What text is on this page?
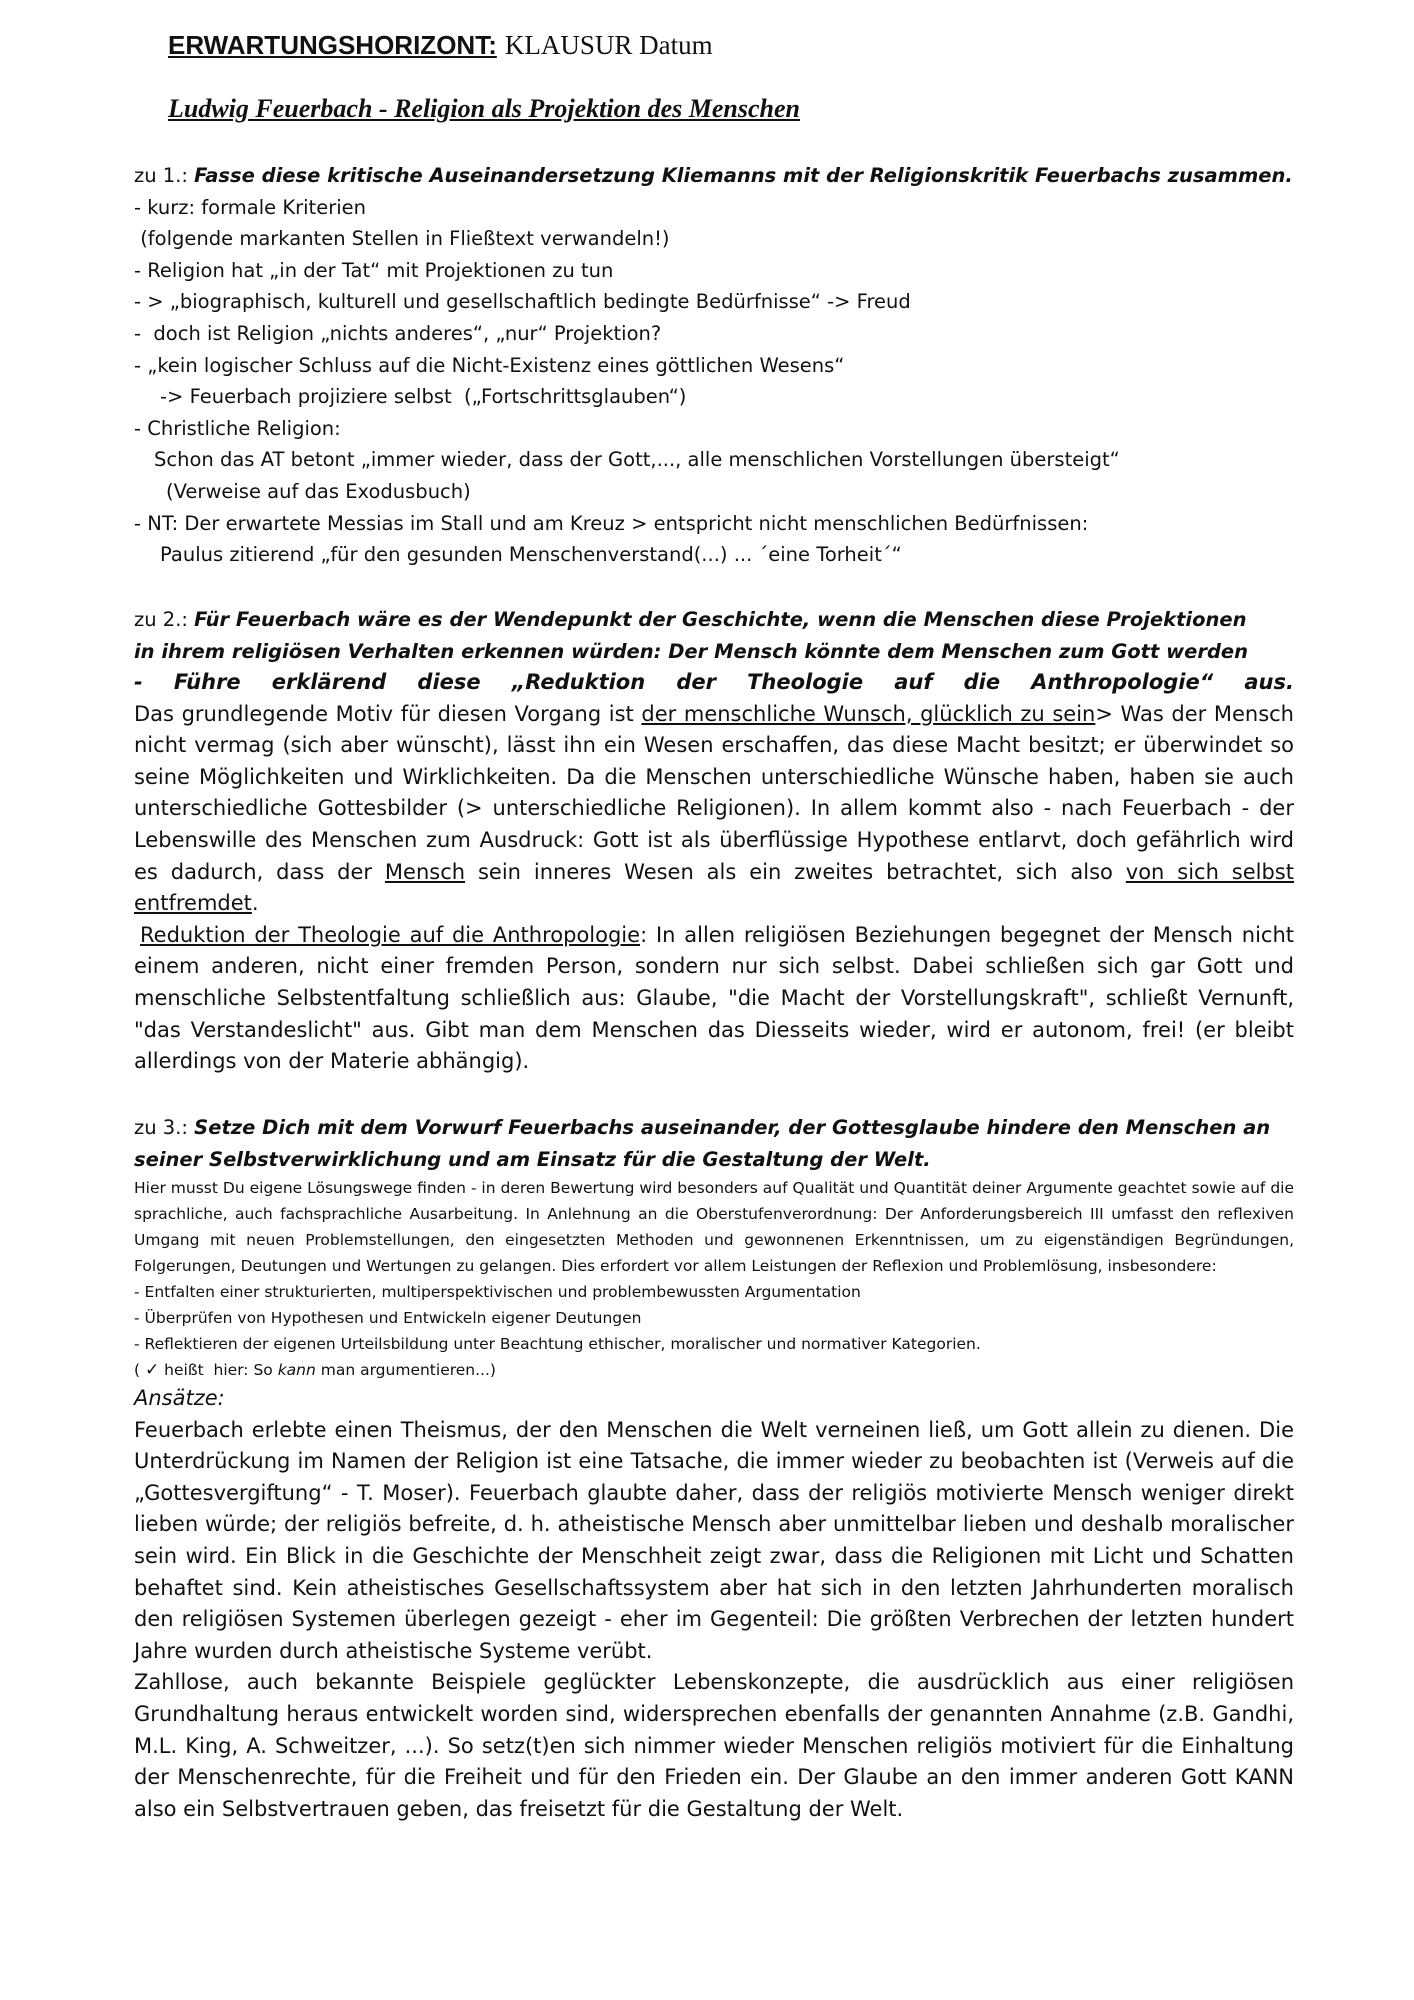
ERWARTUNGSHORIZONT: KLAUSUR Datum
Ludwig Feuerbach - Religion als Projektion des Menschen
zu 1.: Fasse diese kritische Auseinandersetzung Kliemanns mit der Religionskritik Feuerbachs zusammen.
- kurz: formale Kriterien
(folgende markanten Stellen in Fließtext verwandeln!)
- Religion hat „in der Tat“ mit Projektionen zu tun
- > „biographisch, kulturell und gesellschaftlich bedingte Bedürfnisse“ -> Freud
-  doch ist Religion „nichts anderes“, „nur“ Projektion?
- „kein logischer Schluss auf die Nicht-Existenz eines göttlichen Wesens“
-> Feuerbach projiziere selbst  („Fortschrittsglauben“)
- Christliche Religion:
Schon das AT betont „immer wieder, dass der Gott,..., alle menschlichen Vorstellungen übersteigt“
(Verweise auf das Exodusbuch)
- NT: Der erwartete Messias im Stall und am Kreuz > entspricht nicht menschlichen Bedürfnissen:
Paulus zitierend „für den gesunden Menschenverstand(...) ... ´eine Torheit´“
zu 2.: Für Feuerbach wäre es der Wendepunkt der Geschichte, wenn die Menschen diese Projektionen
in ihrem religiösen Verhalten erkennen würden: Der Mensch könnte dem Menschen zum Gott werden
- Führe erklärend diese „Reduktion der Theologie auf die Anthropologie“ aus.

Das grundlegende Motiv für diesen Vorgang ist der menschliche Wunsch, glücklich zu sein> Was der Mensch nicht vermag (sich aber wünscht), lässt ihn ein Wesen erschaffen, das diese Macht besitzt; er überwindet so seine Möglichkeiten und Wirklichkeiten. Da die Menschen unterschiedliche Wünsche haben, haben sie auch unterschiedliche Gottesbilder (> unterschiedliche Religionen). In allem kommt also - nach Feuerbach - der Lebenswille des Menschen zum Ausdruck: Gott ist als überflüssige Hypothese entlarvt, doch gefährlich wird es dadurch, dass der Mensch sein inneres Wesen als ein zweites betrachtet, sich also von sich selbst entfremdet.

Reduktion der Theologie auf die Anthropologie: In allen religiösen Beziehungen begegnet der Mensch nicht einem anderen, nicht einer fremden Person, sondern nur sich selbst. Dabei schließen sich gar Gott und menschliche Selbstentfaltung schließlich aus: Glaube, "die Macht der Vorstellungskraft", schließt Vernunft, "das Verstandeslicht" aus. Gibt man dem Menschen das Diesseits wieder, wird er autonom, frei! (er bleibt allerdings von der Materie abhängig).

zu 3.: Setze Dich mit dem Vorwurf Feuerbachs auseinander, der Gottesglaube hindere den Menschen an
seiner Selbstverwirklichung und am Einsatz für die Gestaltung der Welt.

Hier musst Du eigene Lösungswege finden - in deren Bewertung wird besonders auf Qualität und Quantität deiner Argumente geachtet sowie auf die sprachliche, auch fachsprachliche Ausarbeitung. In Anlehnung an die Oberstufenverordnung: Der Anforderungsbereich III umfasst den reflexiven Umgang mit neuen Problemstellungen, den eingesetzten Methoden und gewonnenen Erkenntnissen, um zu eigenständigen Begründungen, Folgerungen, Deutungen und Wertungen zu gelangen. Dies erfordert vor allem Leistungen der Reflexion und Problemlösung, insbesondere:

- Entfalten einer strukturierten, multiperspektivischen und problembewussten Argumentation
- Überprüfen von Hypothesen und Entwickeln eigener Deutungen
- Reflektieren der eigenen Urteilsbildung unter Beachtung ethischer, moralischer und normativer Kategorien.
( ✓ heißt  hier: So kann man argumentieren...)
Ansätze:

Feuerbach erlebte einen Theismus, der den Menschen die Welt verneinen ließ, um Gott allein zu dienen. Die Unterdrückung im Namen der Religion ist eine Tatsache, die immer wieder zu beobachten ist (Verweis auf die „Gottesvergiftung“ - T. Moser). Feuerbach glaubte daher, dass der religiös motivierte Mensch weniger direkt lieben würde; der religiös befreite, d. h. atheistische Mensch aber unmittelbar lieben und deshalb moralischer sein wird. Ein Blick in die Geschichte der Menschheit zeigt zwar, dass die Religionen mit Licht und Schatten behaftet sind. Kein atheistisches Gesellschaftssystem aber hat sich in den letzten Jahrhunderten moralisch den religiösen Systemen überlegen gezeigt - eher im Gegenteil: Die größten Verbrechen der letzten hundert Jahre wurden durch atheistische Systeme verübt.

Zahllose, auch bekannte Beispiele geglückter Lebenskonzepte, die ausdrücklich aus einer religiösen Grundhaltung heraus entwickelt worden sind, widersprechen ebenfalls der genannten Annahme (z.B. Gandhi, M.L. King, A. Schweitzer, ...). So setz(t)en sich nimmer wieder Menschen religiös motiviert für die Einhaltung der Menschenrechte, für die Freiheit und für den Frieden ein. Der Glaube an den immer anderen Gott KANN also ein Selbstvertrauen geben, das freisetzt für die Gestaltung der Welt.
